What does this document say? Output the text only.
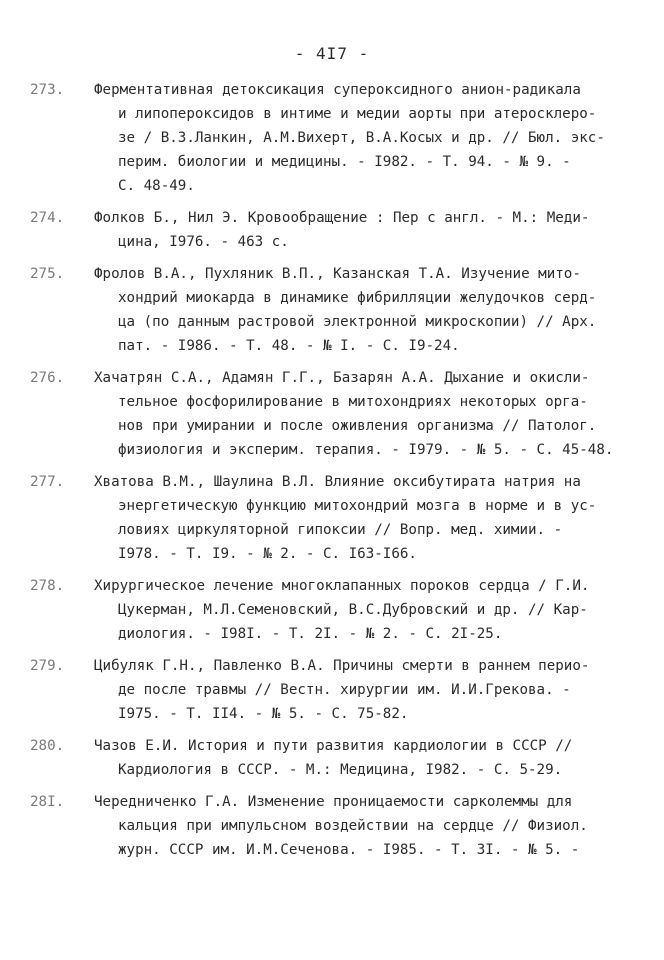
- 4I7 -
273.	Ферментативная детоксикация супероксидного анион-радикала
и липопероксидов в интиме и медии аорты при атеросклеро-
зе / В.З.Ланкин, А.М.Вихерт, В.А.Косых и др. // Бюл. экс-
перим. биологии и медицины. - I982. - Т. 94. - № 9. -
С. 48-49.
274.	Фолков Б., Нил Э. Кровообращение : Пер с англ. - М.: Меди-
цина, I976. - 463 с.
275.	Фролов В.А., Пухляник В.П., Казанская Т.А. Изучение мито-
хондрий миокарда в динамике фибрилляции желудочков серд-
ца (по данным растровой электронной микроскопии) // Арх.
пат. - I986. - Т. 48. - № I. - С. I9-24.
276.	Хачатрян С.А., Адамян Г.Г., Базарян А.А. Дыхание и окисли-
тельное фосфорилирование в митохондриях некоторых орга-
нов при умирании и после оживления организма // Патолог.
физиология и эксперим. терапия. - I979. - № 5. - С. 45-48.
277.	Хватова В.М., Шаулина В.Л. Влияние оксибутирата натрия на
энергетическую функцию митохондрий мозга в норме и в ус-
ловиях циркуляторной гипоксии // Вопр. мед. химии. -
I978. - Т. I9. - № 2. - С. I63-I66.
278.	Хирургическое лечение многоклапанных пороков сердца / Г.И.
Цукерман, М.Л.Семеновский, В.С.Дубровский и др. // Кар-
диология. - I98I. - Т. 2I. - № 2. - С. 2I-25.
279.	Цибуляк Г.Н., Павленко В.А. Причины смерти в раннем перио-
де после травмы // Вестн. хирургии им. И.И.Грекова. -
I975. - Т. II4. - № 5. - С. 75-82.
280.	Чазов Е.И. История и пути развития кардиологии в СССР //
Кардиология в СССР. - М.: Медицина, I982. - С. 5-29.
28I.	Чередниченко Г.А. Изменение проницаемости сарколеммы для
кальция при импульсном воздействии на сердце // Физиол.
журн. СССР им. И.М.Сеченова. - I985. - Т. 3I. - № 5. -
